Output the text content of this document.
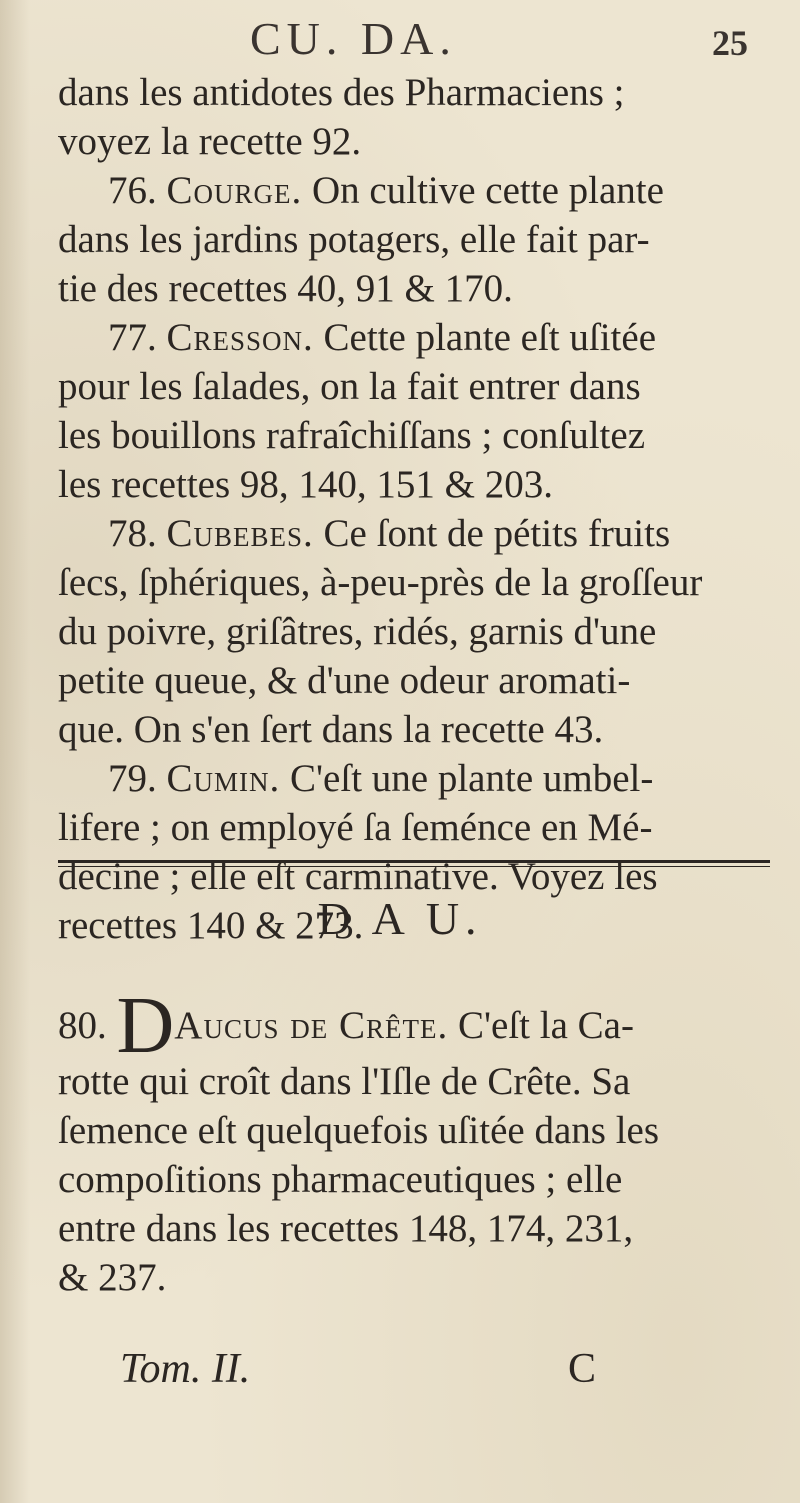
CU. DA.	25
dans les antidotes des Pharmaciens ;
voyez la recette 92.
76. Courge. On cultive cette plante
dans les jardins potagers, elle fait par-
tie des recettes 40, 91 & 170.
77. Cresson. Cette plante eſt uſitée
pour les ſalades, on la fait entrer dans
les bouillons rafraîchiſſans ; conſultez
les recettes 98, 140, 151 & 203.
78. Cubebes. Ce ſont de pétits fruits
ſecs, ſphériques, à-peu-près de la groſſeur
du poivre, griſâtres, ridés, garnis d'une
petite queue, & d'une odeur aromati-
que. On s'en ſert dans la recette 43.
79. Cumin. C'eſt une plante umbel-
lifere ; on employé ſa ſeménce en Mé-
decine ; elle eſt carminative. Voyez les
recettes 140 & 273.
D A U.
80. DAucus de Crête. C'eſt la Ca-
rotte qui croît dans l'Iſle de Crête. Sa
ſemence eſt quelquefois uſitée dans les
compoſitions pharmaceutiques ; elle
entre dans les recettes 148, 174, 231,
& 237.
Tom. II.	C
